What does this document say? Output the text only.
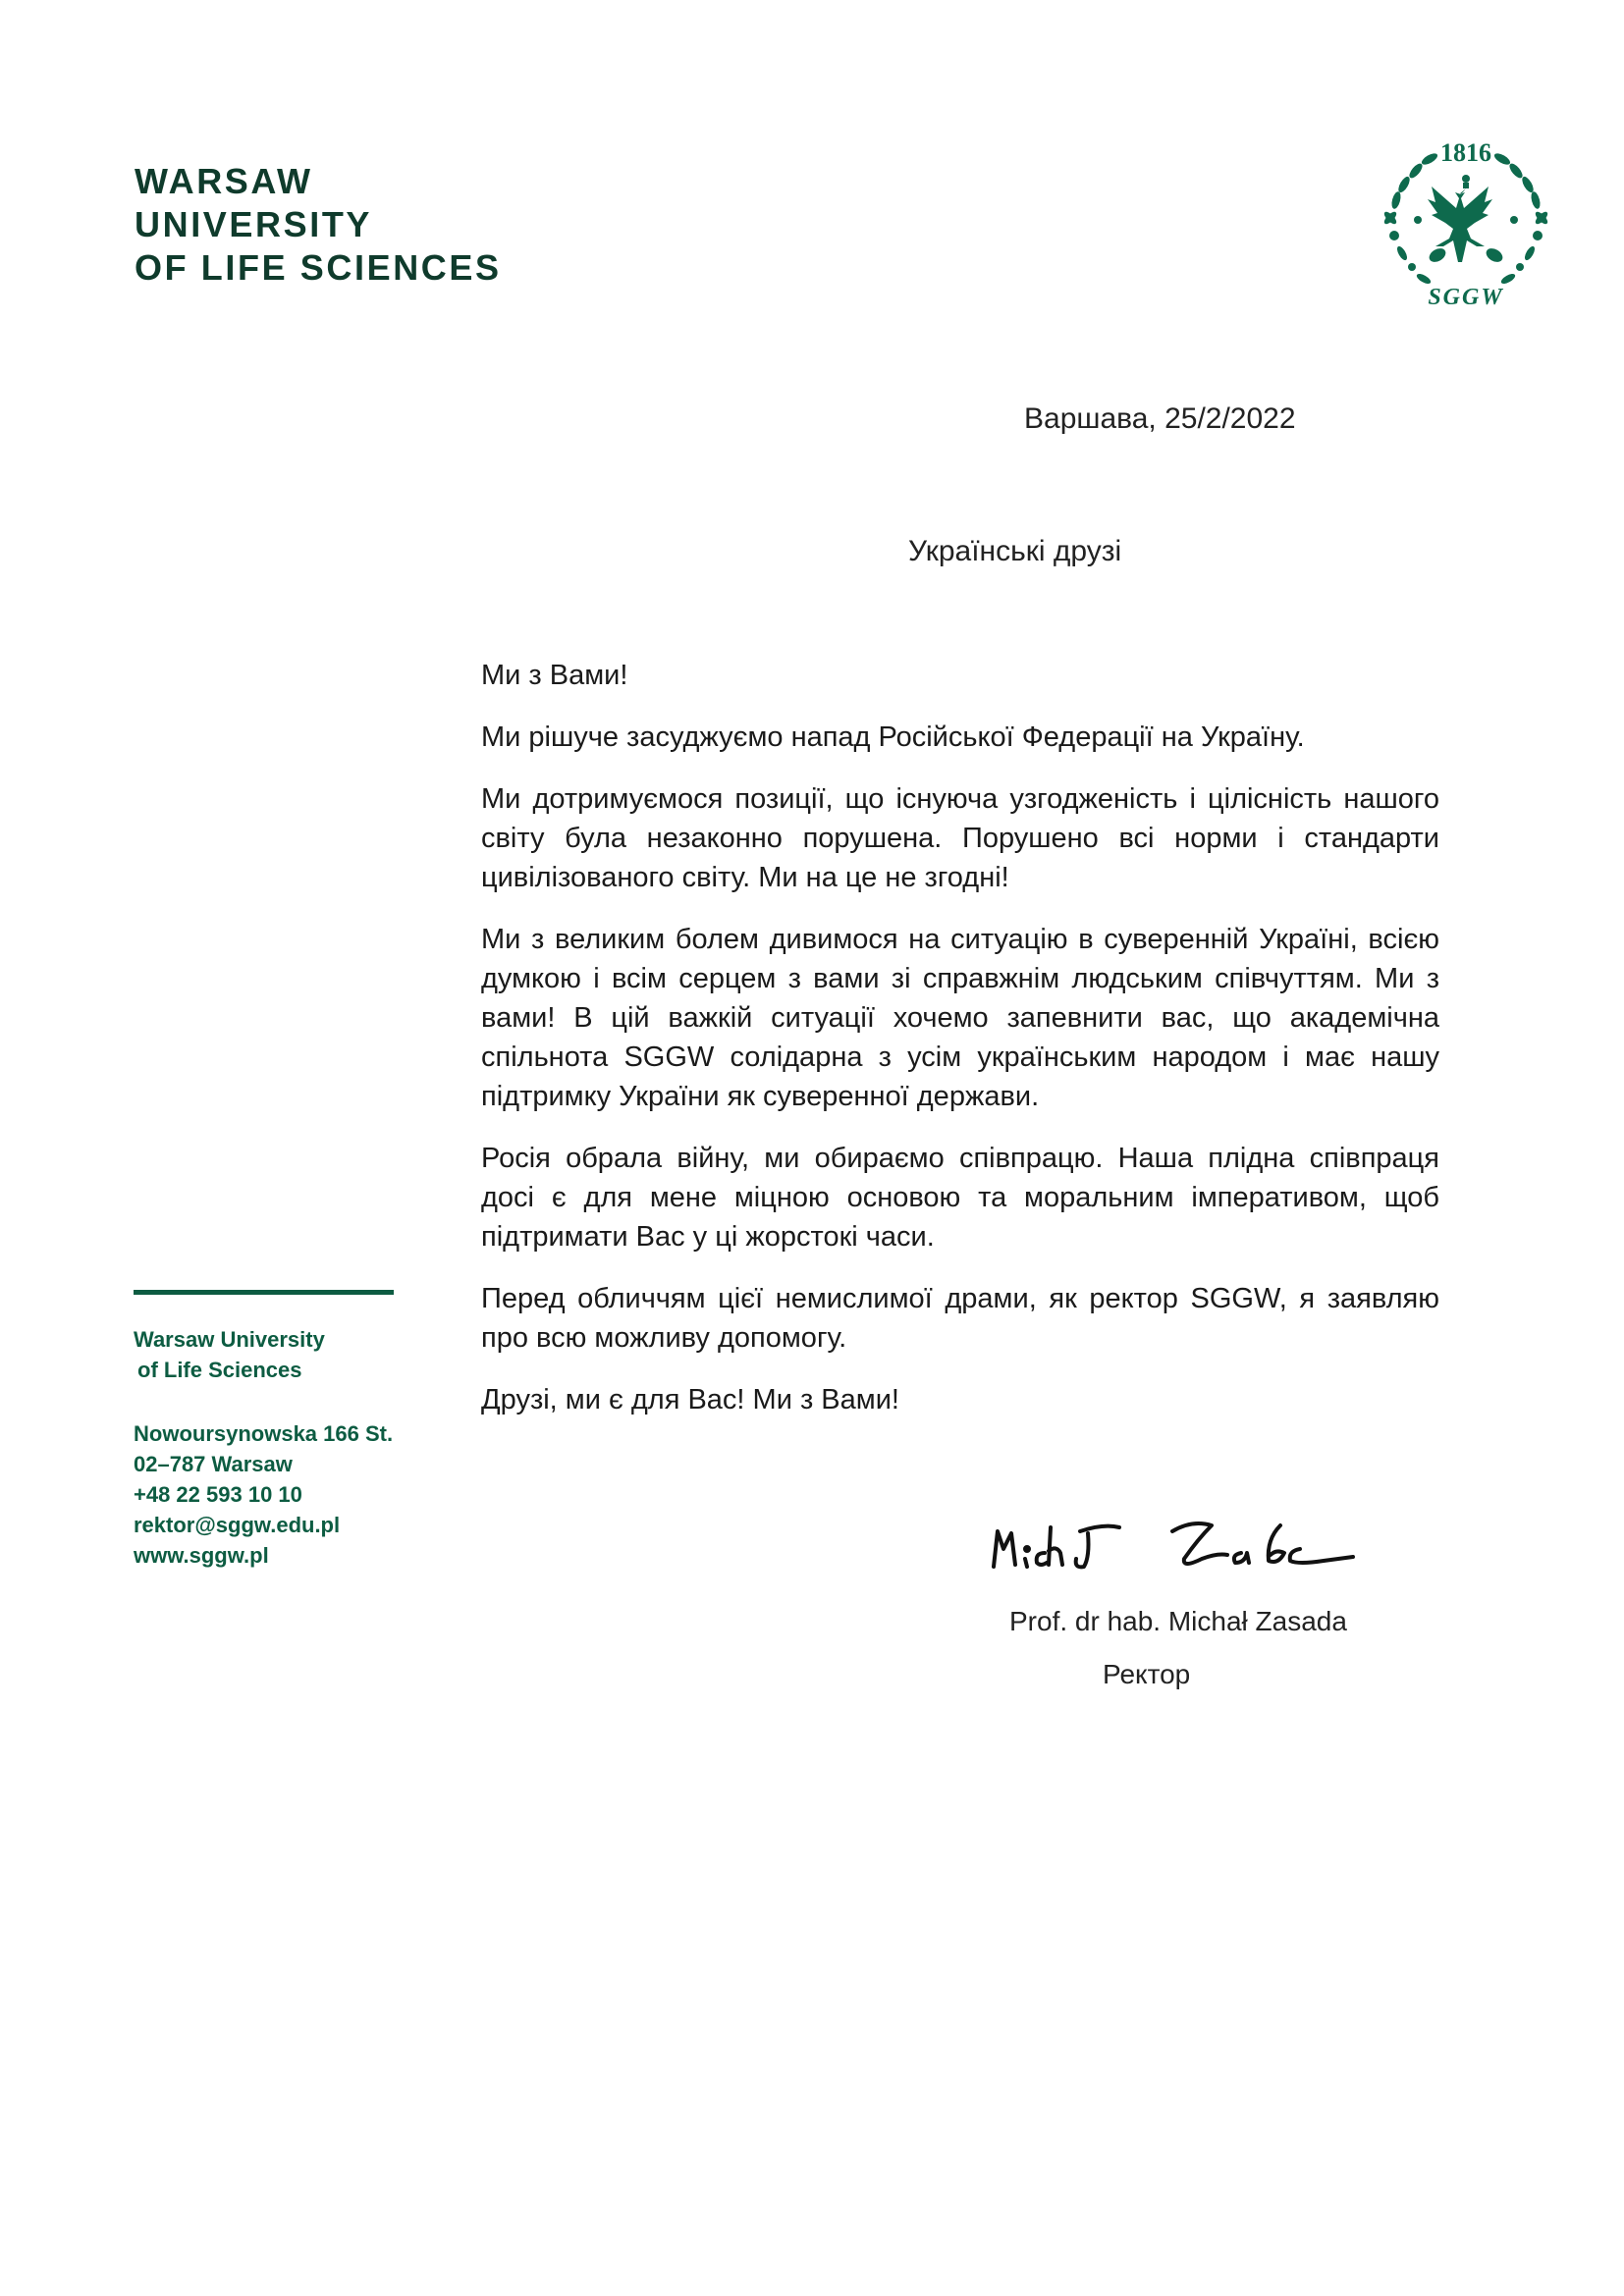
WARSAW
UNIVERSITY
OF LIFE SCIENCES
1816
SGGW
Варшава, 25/2/2022
Українські друзі

Ми з Вами!

Ми рішуче засуджуємо напад Російської Федерації на Україну.

Ми дотримуємося позиції, що існуюча узгодженість і цілісність нашого світу була незаконно порушена. Порушено всі норми і стандарти цивілізованого світу. Ми на це не згодні!

Ми з великим болем дивимося на ситуацію в суверенній Україні, всією думкою і всім серцем з вами зі справжнім людським співчуттям. Ми з вами! В цій важкій ситуації хочемо запевнити вас, що академічна спільнота SGGW солідарна з усім українським народом і має нашу підтримку України як суверенної держави.

Росія обрала війну, ми обираємо співпрацю. Наша плідна співпраця досі є для мене міцною основою та моральним імперативом, щоб підтримати Вас у ці жорстокі часи.

Перед обличчям цієї немислимої драми, як ректор SGGW, я заявляю про всю можливу допомогу.

Друзі, ми є для Вас! Ми з Вами!

Warsaw University
of Life Sciences
Nowoursynowska 166 St.
02–787 Warsaw
+48 22 593 10 10
rektor@sggw.edu.pl
www.sggw.pl
Prof. dr hab. Michał Zasada
Ректор
